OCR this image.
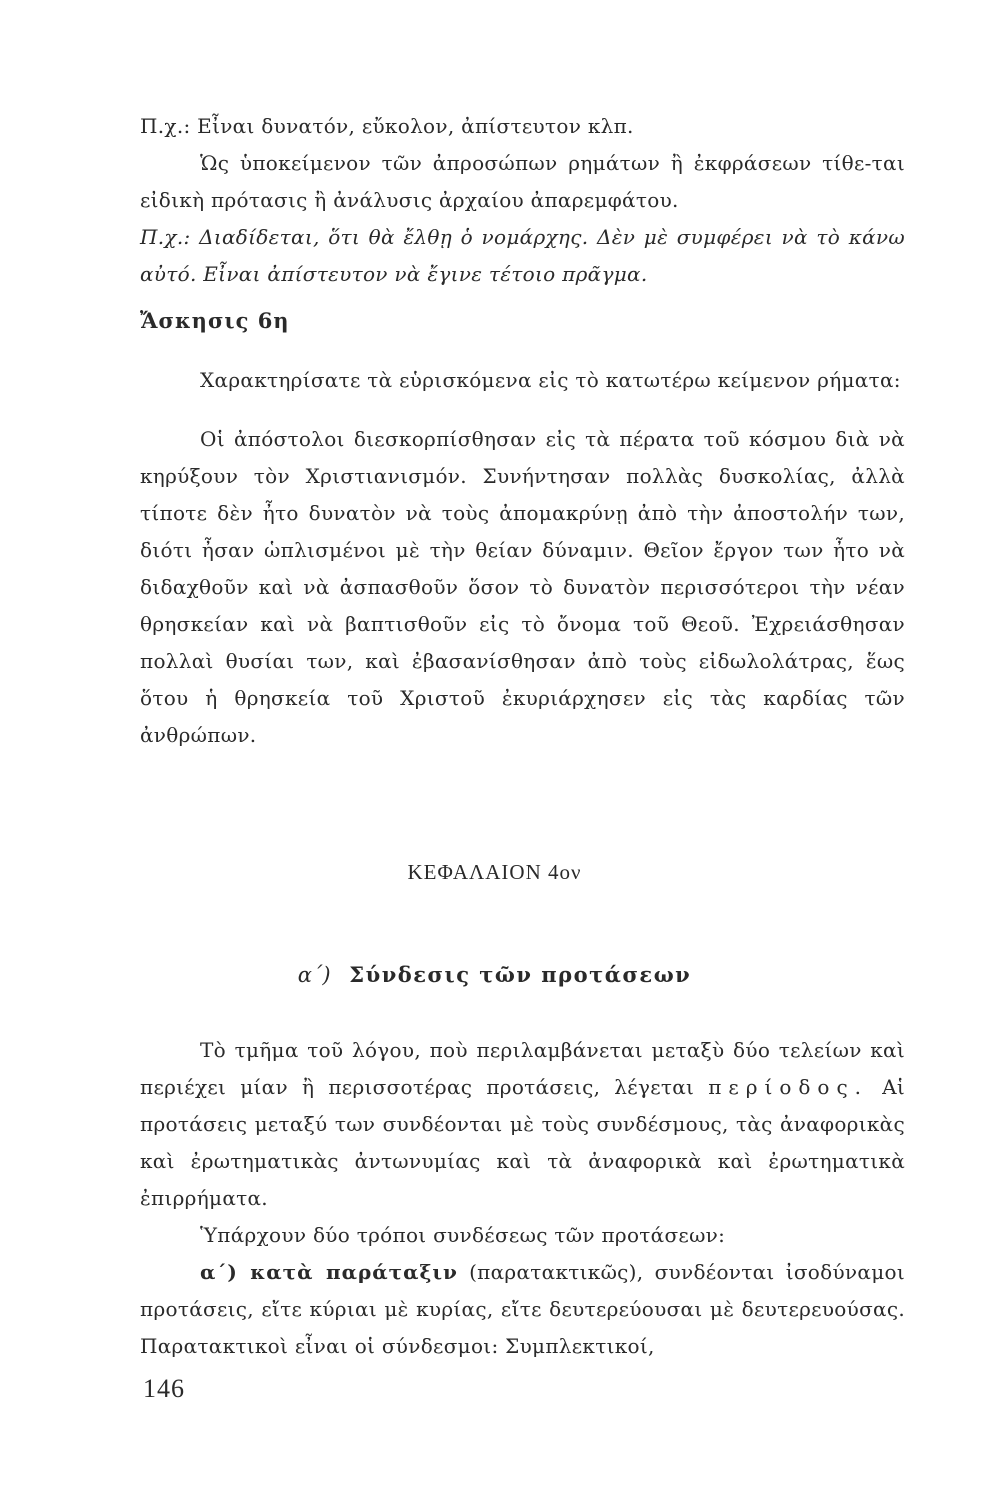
Π.χ.: Εἶναι δυνατόν, εὔκολον, ἀπίστευτον κλπ.

Ὡς ὑποκείμενον τῶν ἀπροσώπων ρημάτων ἢ ἐκφράσεων τίθε-ται εἰδικὴ πρότασις ἢ ἀνάλυσις ἀρχαίου ἀπαρεμφάτου.

Π.χ.: Διαδίδεται, ὅτι θὰ ἔλθῃ ὁ νομάρχης. Δὲν μὲ συμφέρει νὰ τὸ κάνω αὐτό. Εἶναι ἀπίστευτον νὰ ἔγινε τέτοιο πρᾶγμα.

Ἄσκησις 6η

Χαρακτηρίσατε τὰ εὑρισκόμενα εἰς τὸ κατωτέρω κείμενον ρήματα:

Οἱ ἀπόστολοι διεσκορπίσθησαν εἰς τὰ πέρατα τοῦ κόσμου διὰ νὰ κηρύξουν τὸν Χριστιανισμόν. Συνήντησαν πολλὰς δυσκολίας, ἀλλὰ τίποτε δὲν ἦτο δυνατὸν νὰ τοὺς ἀπομακρύνῃ ἀπὸ τὴν ἀποστολήν των, διότι ἦσαν ὡπλισμένοι μὲ τὴν θείαν δύναμιν. Θεῖον ἔργον των ἦτο νὰ διδαχθοῦν καὶ νὰ ἀσπασθοῦν ὅσον τὸ δυνατὸν περισσότεροι τὴν νέαν θρησκείαν καὶ νὰ βαπτισθοῦν εἰς τὸ ὄνομα τοῦ Θεοῦ. Ἐχρειάσθησαν πολλαὶ θυσίαι των, καὶ ἐβασανίσθησαν ἀπὸ τοὺς εἰδωλολάτρας, ἕως ὅτου ἡ θρησκεία τοῦ Χριστοῦ ἐκυριάρχησεν εἰς τὰς καρδίας τῶν ἀνθρώπων.

ΚΕΦΑΛΑΙΟΝ 4ον
α΄) Σύνδεσις τῶν προτάσεων

Τὸ τμῆμα τοῦ λόγου, ποὺ περιλαμβάνεται μεταξὺ δύο τελείων καὶ περιέχει μίαν ἢ περισσοτέρας προτάσεις, λέγεται περίοδος. Αἱ προτάσεις μεταξύ των συνδέονται μὲ τοὺς συνδέσμους, τὰς ἀναφορικὰς καὶ ἐρωτηματικὰς ἀντωνυμίας καὶ τὰ ἀναφορικὰ καὶ ἐρωτηματικὰ ἐπιρρήματα.

Ὑπάρχουν δύο τρόποι συνδέσεως τῶν προτάσεων:

α΄) κατὰ παράταξιν (παρατακτικῶς), συνδέονται ἰσοδύναμοι προτάσεις, εἴτε κύριαι μὲ κυρίας, εἴτε δευτερεύουσαι μὲ δευτερευούσας. Παρατακτικοὶ εἶναι οἱ σύνδεσμοι: Συμπλεκτικοί,

146
